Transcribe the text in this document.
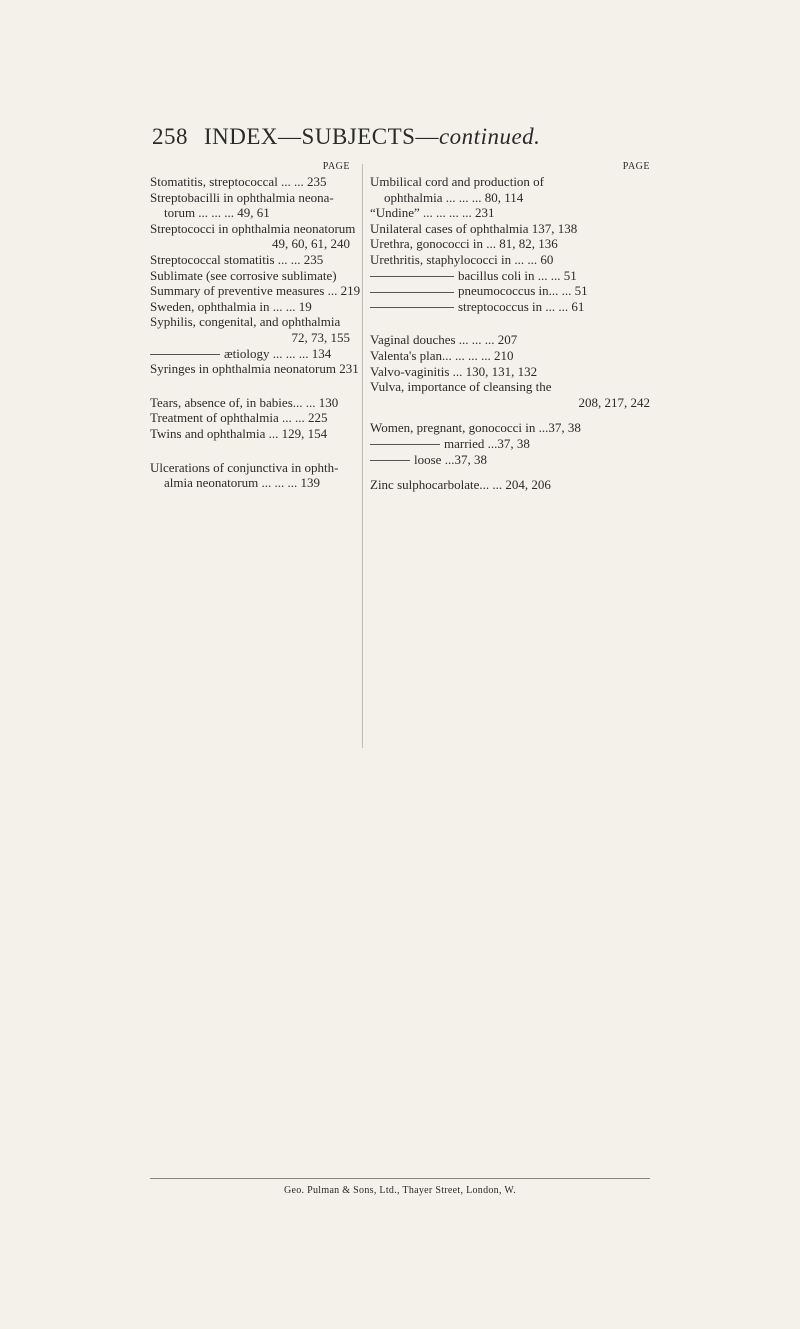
258 INDEX—SUBJECTS—continued.
PAGE
Stomatitis, streptococcal ... ... 235
Streptobacilli in ophthalmia neona-
torum ... ... ... 49, 61
Streptococci in ophthalmia neonatorum
49, 60, 61, 240
Streptococcal stomatitis ... ... 235
Sublimate (see corrosive sublimate)
Summary of preventive measures ... 219
Sweden, ophthalmia in ... ... 19
Syphilis, congenital, and ophthalmia
72, 73, 155
ætiology ... ... ... 134
Syringes in ophthalmia neonatorum 231
Tears, absence of, in babies... ... 130
Treatment of ophthalmia ... ... 225
Twins and ophthalmia ... 129, 154
Ulcerations of conjunctiva in ophth-
almia neonatorum ... ... ... 139
PAGE
Umbilical cord and production of
ophthalmia ... ... ... 80, 114
“Undine” ... ... ... ... 231
Unilateral cases of ophthalmia 137, 138
Urethra, gonococci in ... 81, 82, 136
Urethritis, staphylococci in ... ... 60
bacillus coli in ... ... 51
pneumococcus in... ... 51
streptococcus in ... ... 61
Vaginal douches ... ... ... 207
Valenta's plan... ... ... ... 210
Valvo-vaginitis ... 130, 131, 132
Vulva, importance of cleansing the
208, 217, 242
Women, pregnant, gonococci in ...37, 38
married ...37, 38
loose ...37, 38
Zinc sulphocarbolate... ... 204, 206
Geo. Pulman & Sons, Ltd., Thayer Street, London, W.
